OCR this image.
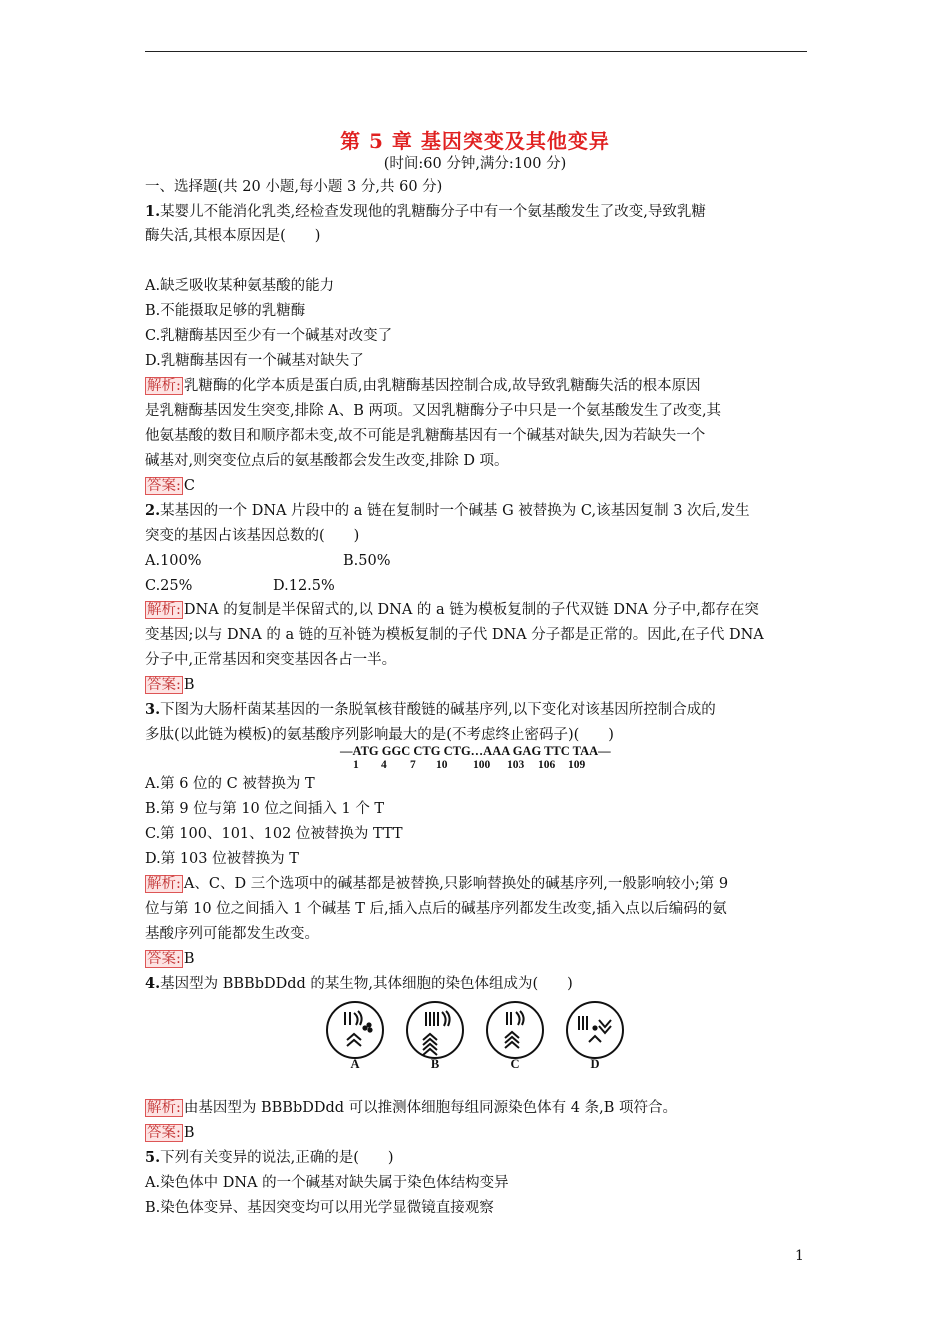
第 5 章 基因突变及其他变异
(时间:60 分钟,满分:100 分)
一、选择题(共 20 小题,每小题 3 分,共 60 分)
1.某婴儿不能消化乳类,经检查发现他的乳糖酶分子中有一个氨基酸发生了改变,导致乳糖
酶失活,其根本原因是(　　)
A.缺乏吸收某种氨基酸的能力
B.不能摄取足够的乳糖酶
C.乳糖酶基因至少有一个碱基对改变了
D.乳糖酶基因有一个碱基对缺失了
解析: 乳糖酶的化学本质是蛋白质,由乳糖酶基因控制合成,故导致乳糖酶失活的根本原因
是乳糖酶基因发生突变,排除 A、B 两项。又因乳糖酶分子中只是一个氨基酸发生了改变,其
他氨基酸的数目和顺序都未变,故不可能是乳糖酶基因有一个碱基对缺失,因为若缺失一个
碱基对,则突变位点后的氨基酸都会发生改变,排除 D 项。
答案: C
2.某基因的一个 DNA 片段中的 a 链在复制时一个碱基 G 被替换为 C,该基因复制 3 次后,发生
突变的基因占该基因总数的(　　)
A.100%	B.50%
C.25%	D.12.5%
解析: DNA 的复制是半保留式的,以 DNA 的 a 链为模板复制的子代双链 DNA 分子中,都存在突
变基因;以与 DNA 的 a 链的互补链为模板复制的子代 DNA 分子都是正常的。因此,在子代 DNA
分子中,正常基因和突变基因各占一半。
答案: B
3.下图为大肠杆菌某基因的一条脱氧核苷酸链的碱基序列,以下变化对该基因所控制合成的
多肽(以此链为模板)的氨基酸序列影响最大的是(不考虑终止密码子)(　　)
—ATG GGC CTG CTG…AAA GAG TTC TAA—
1 4 7 10 100 103 106 109
A.第 6 位的 C 被替换为 T
B.第 9 位与第 10 位之间插入 1 个 T
C.第 100、101、102 位被替换为 TTT
D.第 103 位被替换为 T
解析: A、C、D 三个选项中的碱基都是被替换,只影响替换处的碱基序列,一般影响较小;第 9
位与第 10 位之间插入 1 个碱基 T 后,插入点后的碱基序列都发生改变,插入点以后编码的氨
基酸序列可能都发生改变。
答案: B
4.基因型为 BBBbDDdd 的某生物,其体细胞的染色体组成为(　　)
A	B	C	D
解析: 由基因型为 BBBbDDdd 可以推测体细胞每组同源染色体有 4 条,B 项符合。
答案: B
5.下列有关变异的说法,正确的是(　　)
A.染色体中 DNA 的一个碱基对缺失属于染色体结构变异
B.染色体变异、基因突变均可以用光学显微镜直接观察
1
